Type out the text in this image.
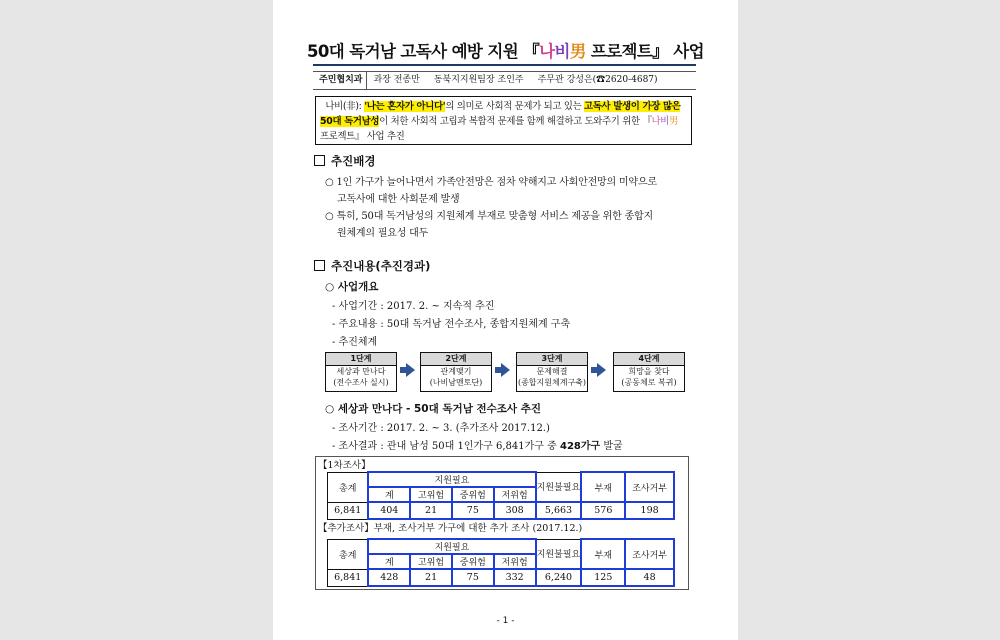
50대 독거남 고독사 예방 지원 『나비男 프로젝트』 사업
주민협치과 과장 전종만 동북지지원팀장 조인주 주무관 강성은(☎2620-4687)
나비(非): '나는 혼자가 아니다'의 의미로 사회적 문제가 되고 있는 고독사 발생이 가장 많은 50대 독거남성이 처한 사회적 고립과 복합적 문제를 함께 해결하고 도와주기 위한 『나비男 프로젝트』 사업 추진
추진배경
○ 1인 가구가 늘어나면서 가족안전망은 점차 약해지고 사회안전망의 미약으로
고독사에 대한 사회문제 발생
○ 특히, 50대 독거남성의 지원체계 부재로 맞춤형 서비스 제공을 위한 종합지
원체계의 필요성 대두
추진내용(추진경과)
○ 사업개요
- 사업기간 : 2017. 2. ~ 지속적 추진
- 주요내용 : 50대 독거남 전수조사, 종합지원체계 구축
- 추진체계
1단계
세상과 만나다
(전수조사 실시)
2단계
관계맺기
(나비남멘토단)
3단계
문제해결
(종합지원체계구축)
4단계
희망을 찾다
(공동체로 복귀)
○ 세상과 만나다 - 50대 독거남 전수조사 추진
- 조사기간 : 2017. 2. ~ 3. (추가조사 2017.12.)
- 조사결과 : 관내 남성 50대 1인가구 6,841가구 중 428가구 발굴
【1차조사】
총계	지원필요				지원불필요	부재	조사거부
	계	고위험	중위험	저위험			
6,841	404	21	75	308	5,663	576	198
【추가조사】부재, 조사거부 가구에 대한 추가 조사 (2017.12.)
총계	지원필요				지원불필요	부재	조사거부
	계	고위험	중위험	저위험			
6,841	428	21	75	332	6,240	125	48
- 1 -
